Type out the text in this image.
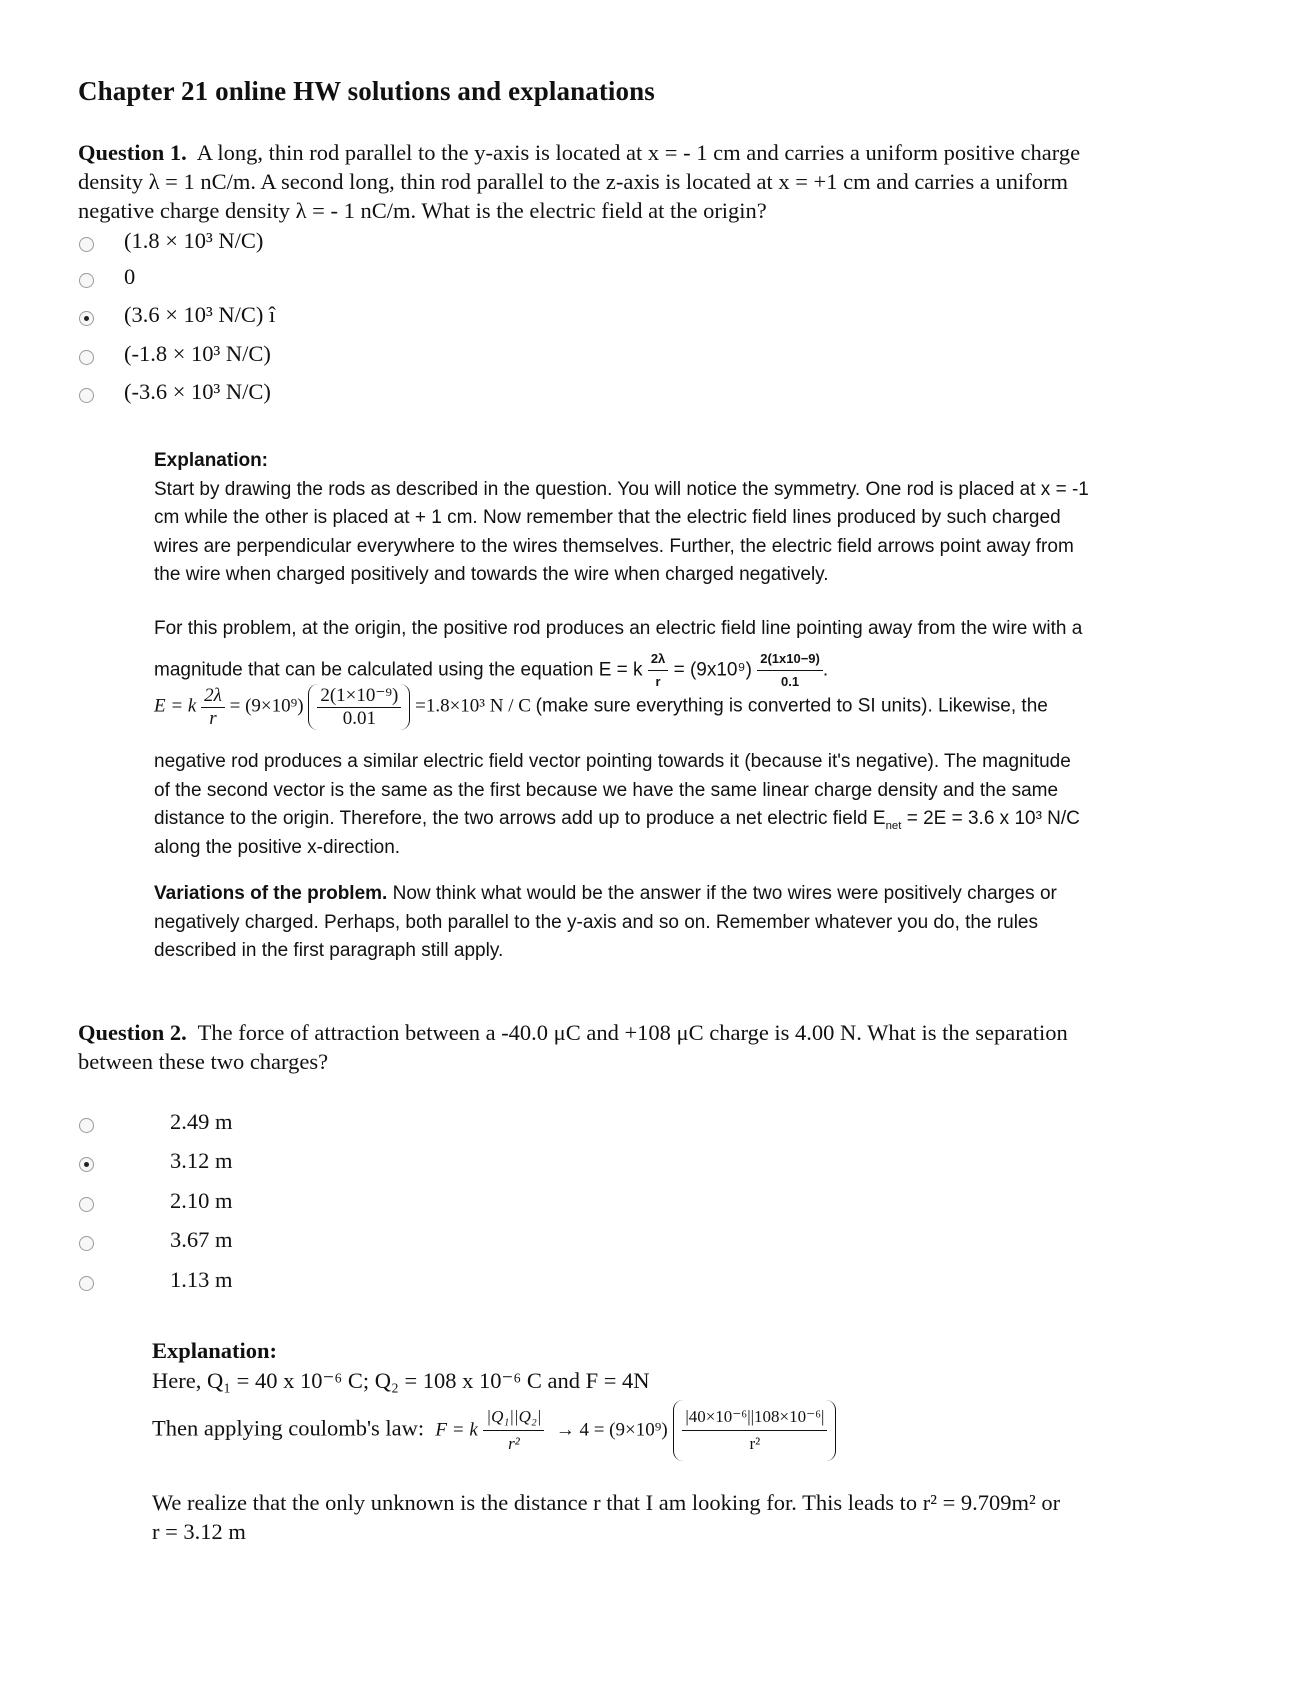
Chapter 21 online HW solutions and explanations
Question 1. A long, thin rod parallel to the y-axis is located at x = - 1 cm and carries a uniform positive charge
density λ = 1 nC/m. A second long, thin rod parallel to the z-axis is located at x = +1 cm and carries a uniform
negative charge density λ = - 1 nC/m. What is the electric field at the origin?
(1.8 × 10³ N/C)
0
(3.6 × 10³ N/C) î
(-1.8 × 10³ N/C)
(-3.6 × 10³ N/C)
Explanation:
Start by drawing the rods as described in the question. You will notice the symmetry. One rod is placed at x = -1
cm while the other is placed at + 1 cm. Now remember that the electric field lines produced by such charged
wires are perpendicular everywhere to the wires themselves. Further, the electric field arrows point away from
the wire when charged positively and towards the wire when charged negatively.
For this problem, at the origin, the positive rod produces an electric field line pointing away from the wire with a
magnitude that can be calculated using the equation E = k $\frac{2\lambda}{r} = (9x10^9) \frac{2(1x10-9)}{0.1}$ .
E = k $\frac{2\lambda}{r} = (9\times 10^9) \frac{\text{2(1×10⁻⁹)}}{0.01} =1.8\times 10^3$ N / C (make sure everything is converted to SI units). Likewise, the
negative rod produces a similar electric field vector pointing towards it (because it's negative). The magnitude
of the second vector is the same as the first because we have the same linear charge density and the same
distance to the origin. Therefore, the two arrows add up to produce a net electric field $E_{net} = 2E = 3.6$ x 10³ N/C
along the positive x-direction.
Variations of the problem. Now think what would be the answer if the two wires were positively charges or
negatively charged. Perhaps, both parallel to the y-axis and so on. Remember whatever you do, the rules
described in the first paragraph still apply.
Question 2. The force of attraction between a -40.0 μC and +108 μC charge is 4.00 N. What is the separation
between these two charges?
2.49 m
3.12 m
2.10 m
3.67 m
1.13 m
Explanation:
Here, Q₁ = 40 x 10⁻⁶ C; Q₂ = 108 x 10⁻⁶ C and F = 4N
Then applying coulomb's law: F = k $\frac{\text{|Q₁||Q₂|}}{\text{r²}} \to 4 = (9\times 10^9) \frac{\text{|40×10⁻⁶||108×10⁻⁶|}}{\text{r²}}$
We realize that the only unknown is the distance r that I am looking for. This leads to r² = 9.709m² or
r = 3.12 m
